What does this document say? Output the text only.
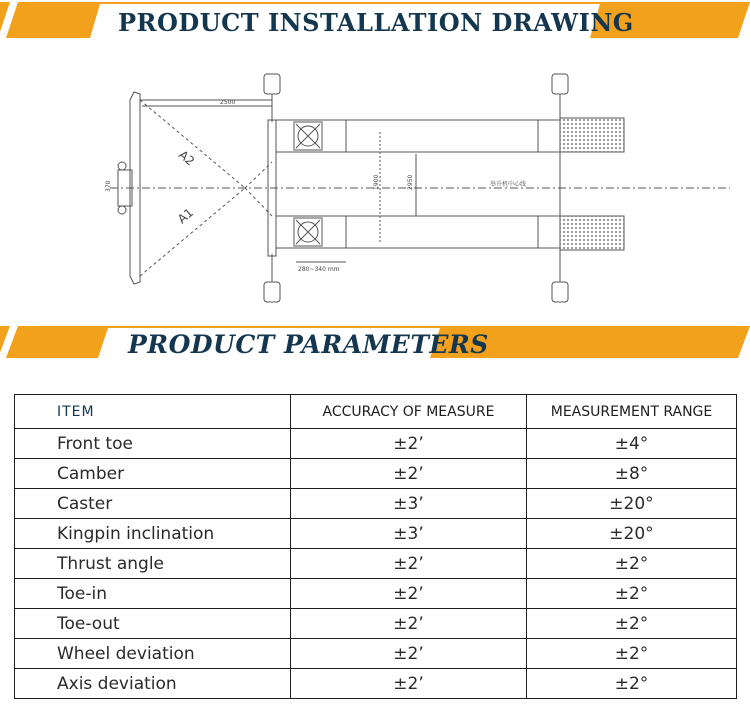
PRODUCT INSTALLATION DRAWING
2500
A2
A1
370	1900	2950	举升机中心线
280~340 mm
PRODUCT PARAMETERS
ITEM	ACCURACY OF MEASURE	MEASUREMENT RANGE
Front toe	±2’	±4°
Camber	±2’	±8°
Caster	±3’	±20°
Kingpin inclination	±3’	±20°
Thrust angle	±2’	±2°
Toe-in	±2’	±2°
Toe-out	±2’	±2°
Wheel deviation	±2’	±2°
Axis deviation	±2’	±2°
